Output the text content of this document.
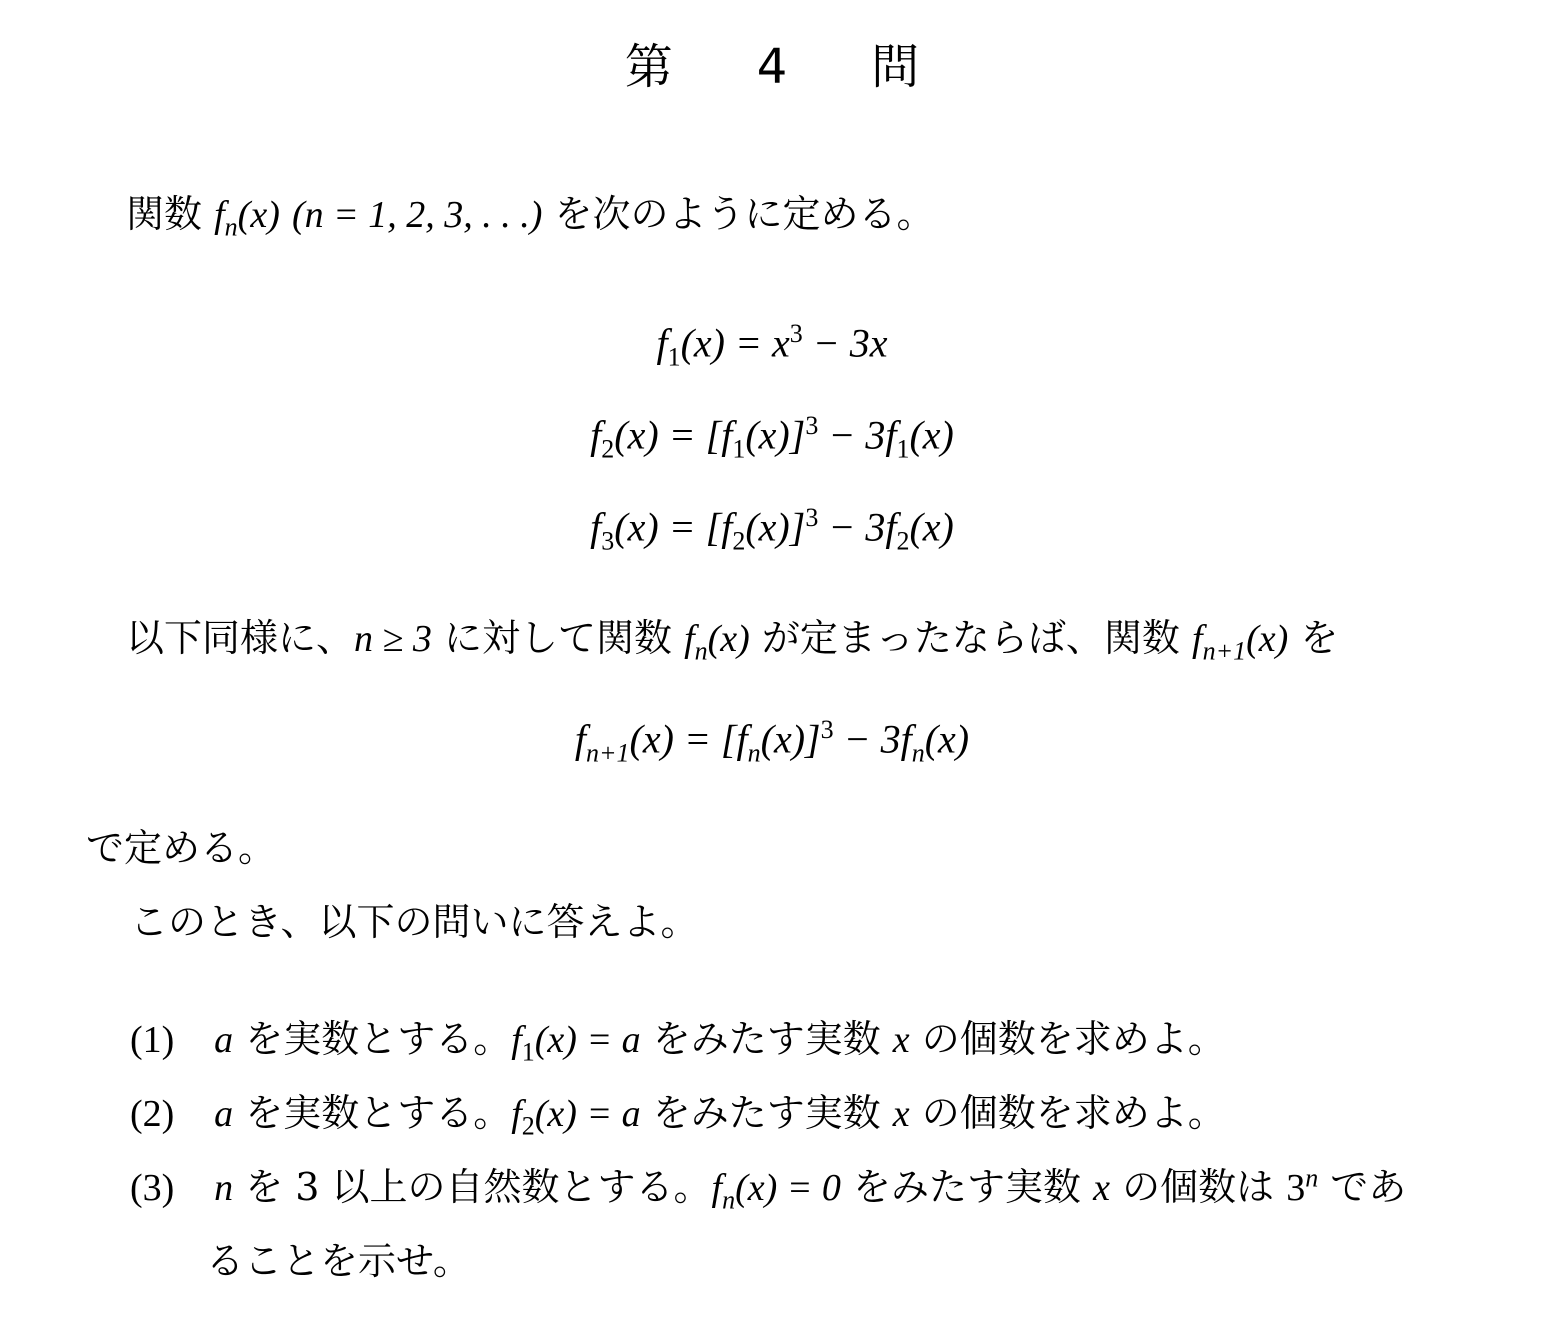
第 4 問
関数 $f_n(x) (n = 1$, 2, 3, . . .) を次のように定める。
$f_1(x) = x^3 - 3x$
$f_2(x) = [f_1(x)]^3 - 3f_1(x)$
$f_3(x) = [f_2(x)]^3 - 3f_2(x)$
以下同様に、n ≥ 3 に対して関数 $f_n(x)$ が定まったならば、関数 $f_{n+1}(x)$ を
$f_{n+1}(x) = [f_n(x)]^3 - 3f_n(x)$
で定める。
このとき、以下の問いに答えよ。
(1) a を実数とする。$f_1(x) = a$ をみたす実数 x の個数を求めよ。
(2) a を実数とする。$f_2(x) = a$ をみたす実数 x の個数を求めよ。
(3) n を 3 以上の自然数とする。$f_n(x) = 0$ をみたす実数 x の個数は 3$^n$ であ
ることを示せ。
